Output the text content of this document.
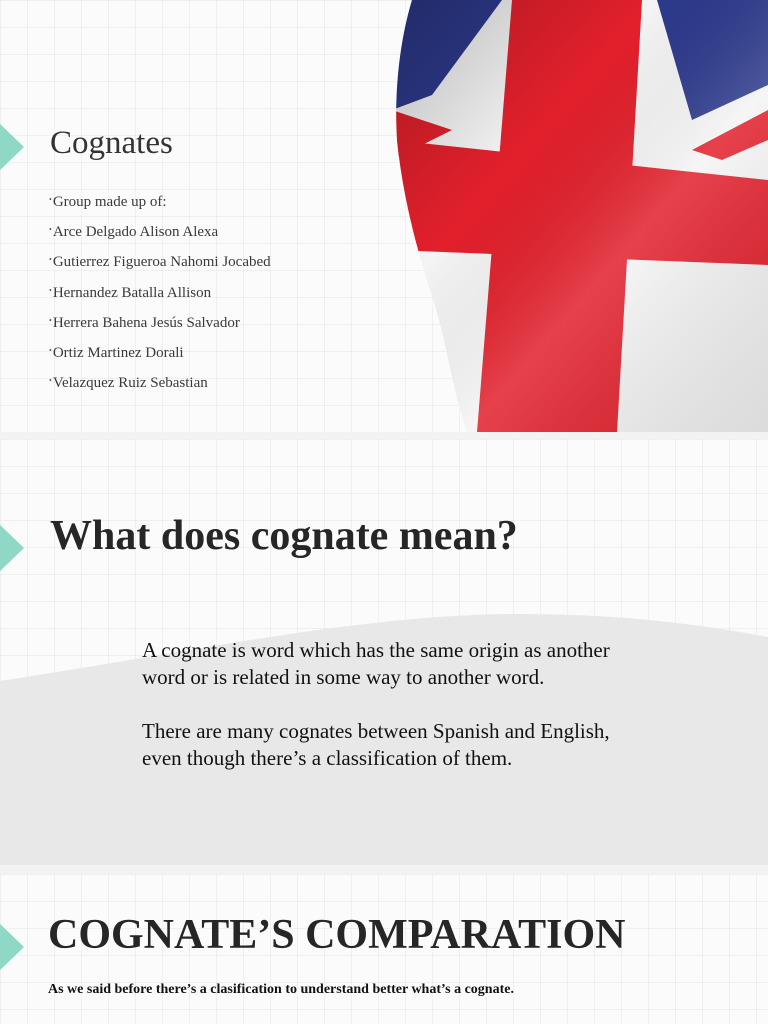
Cognates
•Group made up of:
•Arce Delgado Alison Alexa
•Gutierrez Figueroa Nahomi Jocabed
•Hernandez Batalla Allison
•Herrera Bahena Jesús Salvador
•Ortiz Martinez Dorali
•Velazquez Ruiz Sebastian
What does cognate mean?

A cognate is word which has the same origin as another word or is related in some way to another word.

There are many cognates between Spanish and English, even though there’s a classification of them.

COGNATE’S COMPARATION

As we said before there’s a clasification to understand better what’s a cognate.
